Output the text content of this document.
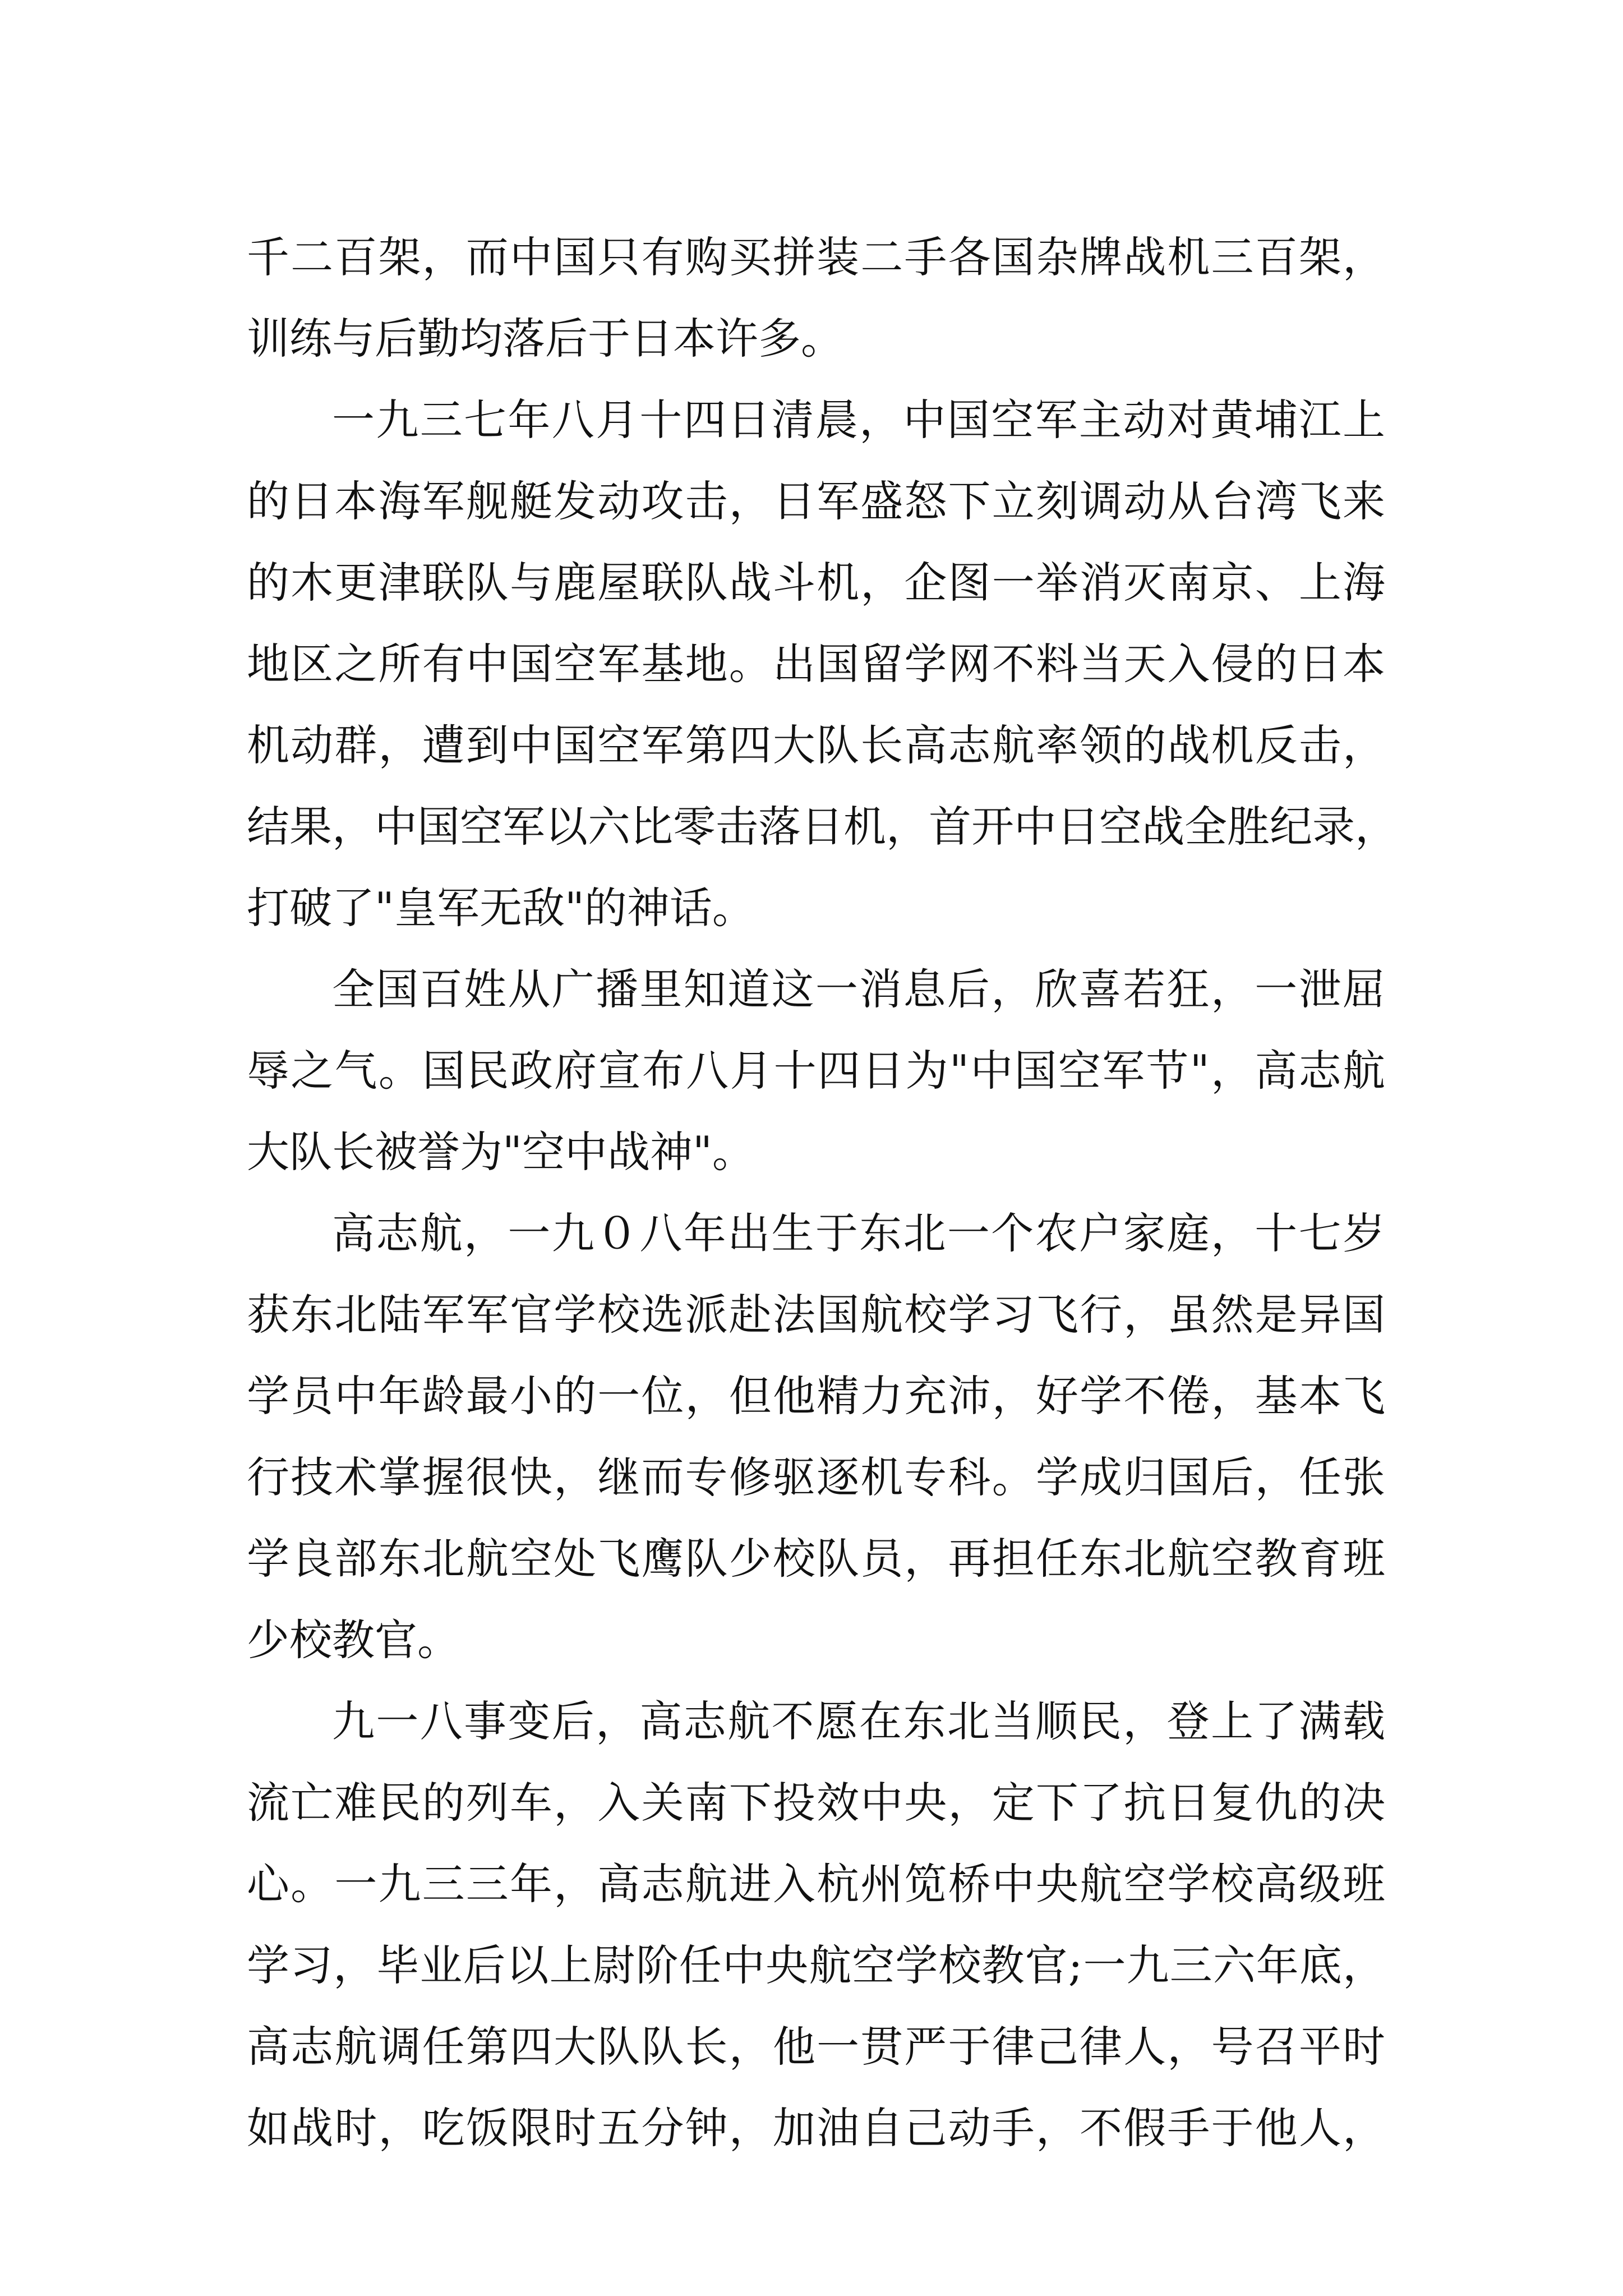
千二百架，而中国只有购买拼装二手各国杂牌战机三百架，
训练与后勤均落后于日本许多。
一九三七年八月十四日清晨，中国空军主动对黄埔江上
的日本海军舰艇发动攻击，日军盛怒下立刻调动从台湾飞来
的木更津联队与鹿屋联队战斗机，企图一举消灭南京、上海
地区之所有中国空军基地。出国留学网不料当天入侵的日本
机动群，遭到中国空军第四大队长高志航率领的战机反击，
结果，中国空军以六比零击落日机，首开中日空战全胜纪录，
打破了"皇军无敌"的神话。
全国百姓从广播里知道这一消息后，欣喜若狂，一泄屈
辱之气。国民政府宣布八月十四日为"中国空军节"，高志航
大队长被誉为"空中战神"。
高志航，一九０八年出生于东北一个农户家庭，十七岁
获东北陆军军官学校选派赴法国航校学习飞行，虽然是异国
学员中年龄最小的一位，但他精力充沛，好学不倦，基本飞
行技术掌握很快，继而专修驱逐机专科。学成归国后，任张
学良部东北航空处飞鹰队少校队员，再担任东北航空教育班
少校教官。
九一八事变后，高志航不愿在东北当顺民，登上了满载
流亡难民的列车，入关南下投效中央，定下了抗日复仇的决
心。一九三三年，高志航进入杭州笕桥中央航空学校高级班
学习，毕业后以上尉阶任中央航空学校教官;一九三六年底，
高志航调任第四大队队长，他一贯严于律己律人，号召平时
如战时，吃饭限时五分钟，加油自己动手，不假手于他人，
